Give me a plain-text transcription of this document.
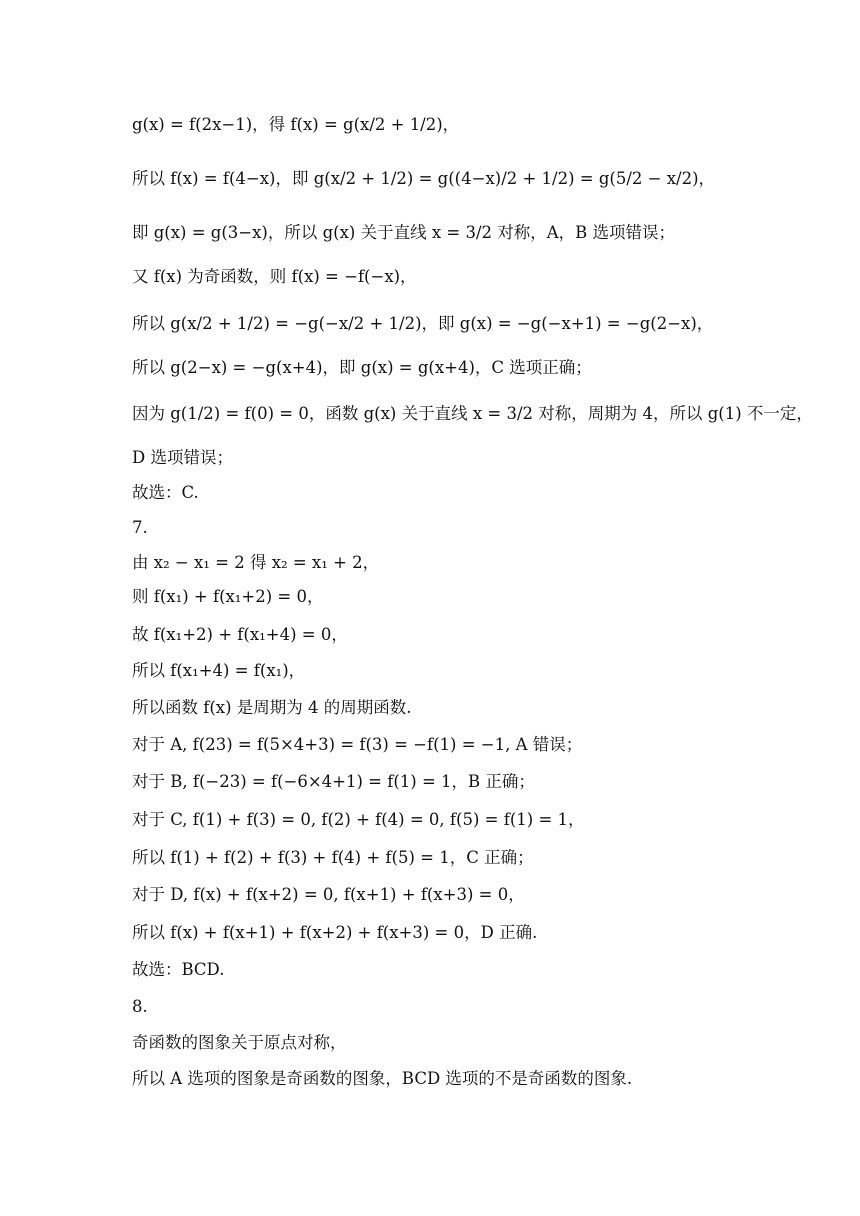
g(x) = f(2x−1)，得 f(x) = g(x/2 + 1/2)，
所以 f(x) = f(4−x)，即 g(x/2 + 1/2) = g((4−x)/2 + 1/2) = g(5/2 − x/2)，
即 g(x) = g(3−x)，所以 g(x) 关于直线 x = 3/2 对称，A，B 选项错误；
又 f(x) 为奇函数，则 f(x) = −f(−x)，
所以 g(x/2 + 1/2) = −g(−x/2 + 1/2)，即 g(x) = −g(−x+1) = −g(2−x)，
所以 g(2−x) = −g(x+4)，即 g(x) = g(x+4)，C 选项正确；
因为 g(1/2) = f(0) = 0，函数 g(x) 关于直线 x = 3/2 对称，周期为 4，所以 g(1) 不一定，
D 选项错误；
故选：C.
7.
由 x₂ − x₁ = 2 得 x₂ = x₁ + 2，
则 f(x₁) + f(x₁+2) = 0，
故 f(x₁+2) + f(x₁+4) = 0，
所以 f(x₁+4) = f(x₁)，
所以函数 f(x) 是周期为 4 的周期函数.
对于 A, f(23) = f(5×4+3) = f(3) = −f(1) = −1, A 错误；
对于 B, f(−23) = f(−6×4+1) = f(1) = 1，B 正确；
对于 C, f(1) + f(3) = 0, f(2) + f(4) = 0, f(5) = f(1) = 1，
所以 f(1) + f(2) + f(3) + f(4) + f(5) = 1，C 正确；
对于 D, f(x) + f(x+2) = 0, f(x+1) + f(x+3) = 0，
所以 f(x) + f(x+1) + f(x+2) + f(x+3) = 0，D 正确.
故选：BCD.
8.
奇函数的图象关于原点对称，
所以 A 选项的图象是奇函数的图象，BCD 选项的不是奇函数的图象.
